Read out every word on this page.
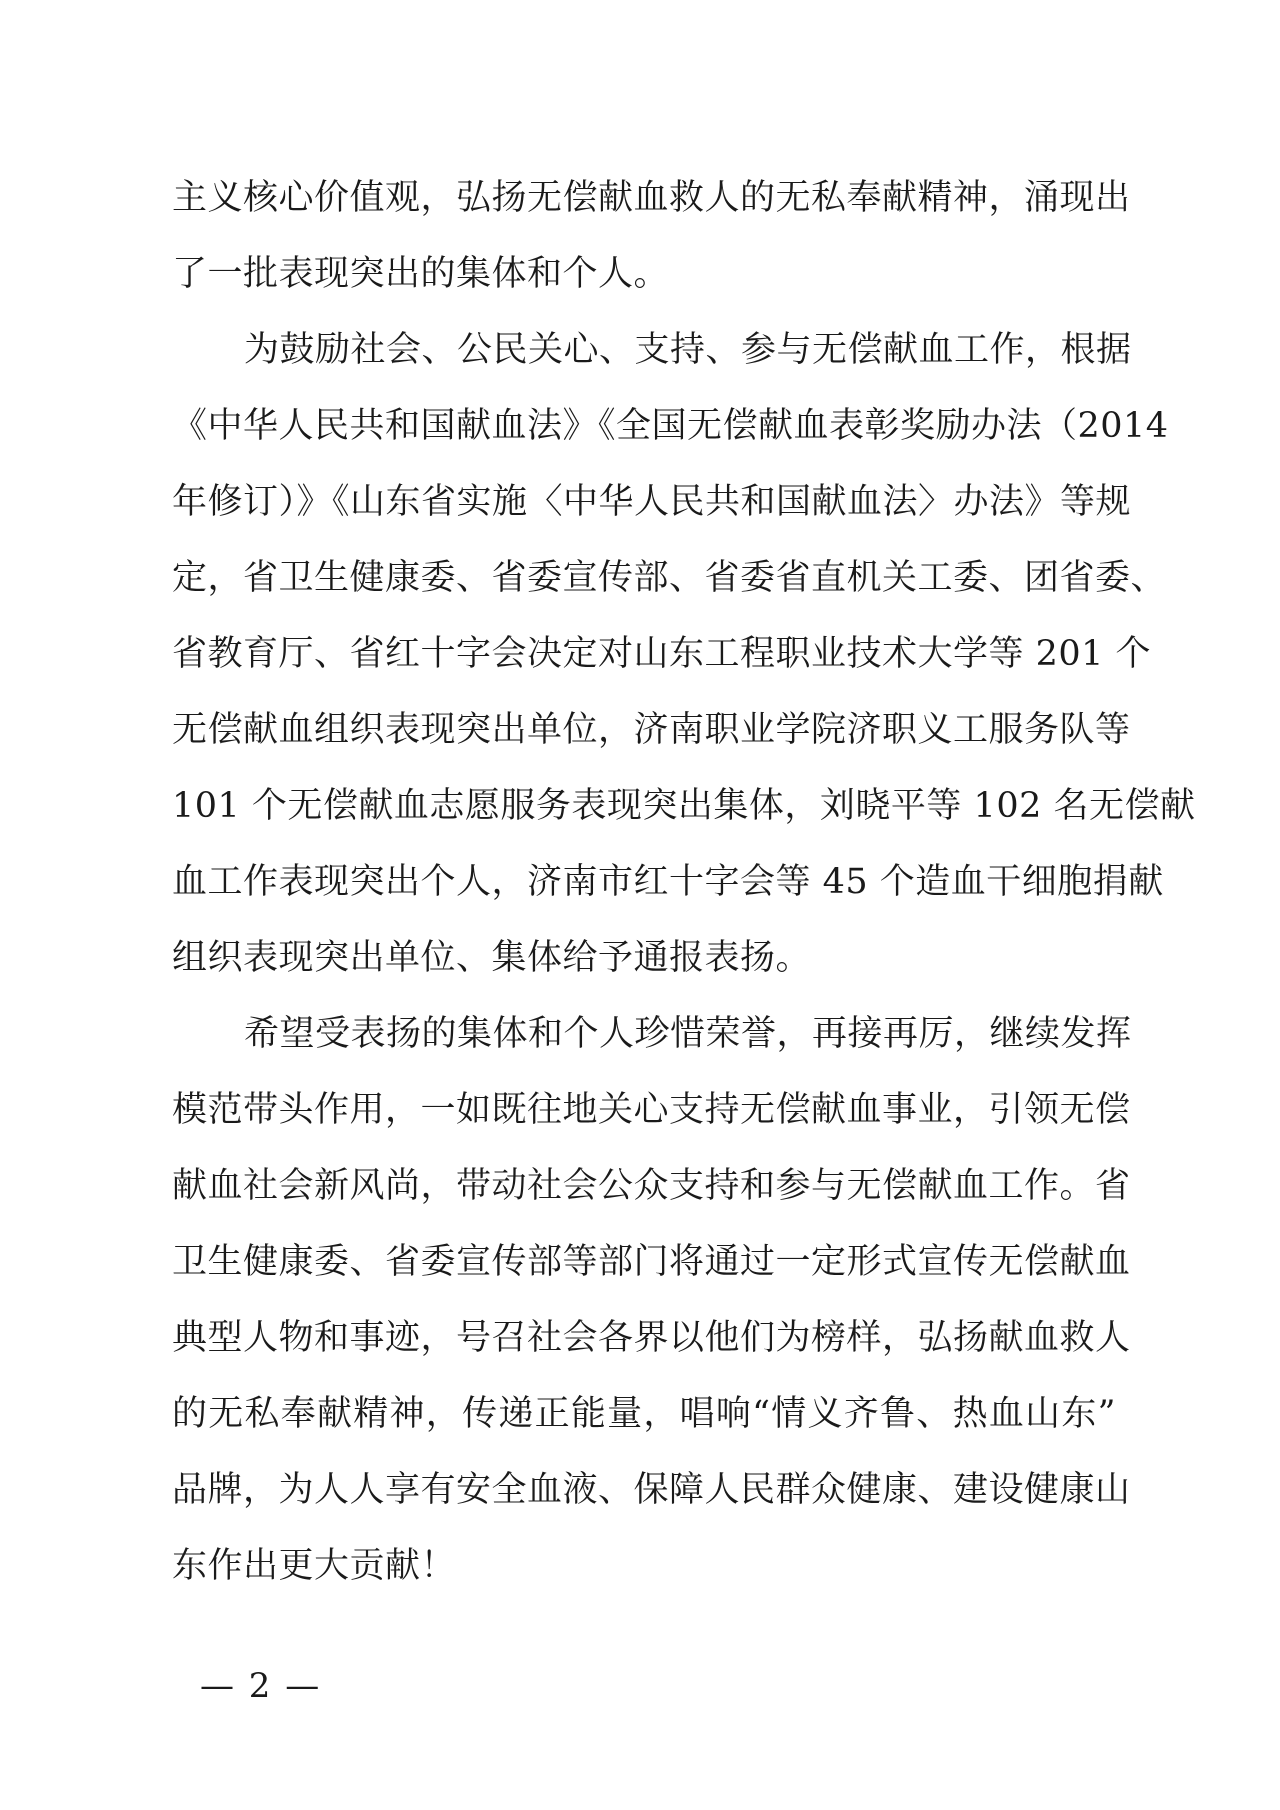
主义核心价值观，弘扬无偿献血救人的无私奉献精神，涌现出
了一批表现突出的集体和个人。
为鼓励社会、公民关心、支持、参与无偿献血工作，根据
《中华人民共和国献血法》《全国无偿献血表彰奖励办法（2014
年修订）》《山东省实施〈中华人民共和国献血法〉办法》等规
定，省卫生健康委、省委宣传部、省委省直机关工委、团省委、
省教育厅、省红十字会决定对山东工程职业技术大学等 201 个
无偿献血组织表现突出单位，济南职业学院济职义工服务队等
101 个无偿献血志愿服务表现突出集体，刘晓平等 102 名无偿献
血工作表现突出个人，济南市红十字会等 45 个造血干细胞捐献
组织表现突出单位、集体给予通报表扬。
希望受表扬的集体和个人珍惜荣誉，再接再厉，继续发挥
模范带头作用，一如既往地关心支持无偿献血事业，引领无偿
献血社会新风尚，带动社会公众支持和参与无偿献血工作。省
卫生健康委、省委宣传部等部门将通过一定形式宣传无偿献血
典型人物和事迹，号召社会各界以他们为榜样，弘扬献血救人
的无私奉献精神，传递正能量，唱响“情义齐鲁、热血山东”
品牌，为人人享有安全血液、保障人民群众健康、建设健康山
东作出更大贡献！
— 2 —
